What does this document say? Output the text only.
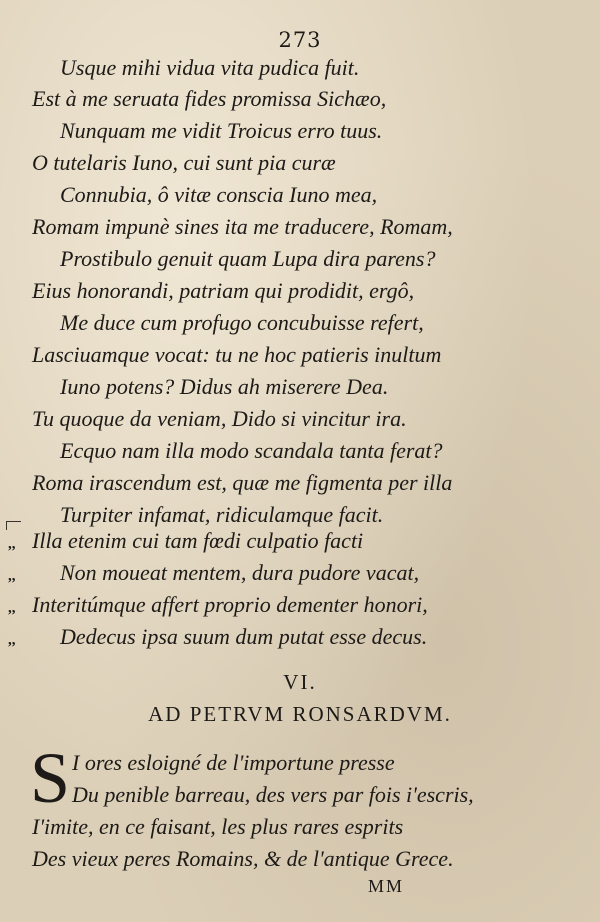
273
Usque mihi vidua vita pudica fuit.
Est à me seruata fides promissa Sichæo,
Nunquam me vidit Troicus erro tuus.
O tutelaris Iuno, cui sunt pia curæ
Connubia, ô vitæ conscia Iuno mea,
Romam impunè sines ita me traducere, Romam,
Prostibulo genuit quam Lupa dira parens?
Eius honorandi, patriam qui prodidit, ergô,
Me duce cum profugo concubuisse refert,
Lasciuamque vocat: tu ne hoc patieris inultum
Iuno potens? Didus ah miserere Dea.
Tu quoque da veniam, Dido si vincitur ira.
Ecquo nam illa modo scandala tanta ferat?
Roma irascendum est, quæ me figmenta per illa
Turpiter infamat, ridiculamque facit.
,, Illa etenim cui tam fœdi culpatio facti
,,	Non moueat mentem, dura pudore vacat,
,, Interitúmque affert proprio dementer honori,
,,	Dedecus ipsa suum dum putat esse decus.
VI.
AD PETRVM RONSARDVM.
S I ores esloigné de l'importune presse
Du penible barreau, des vers par fois i'escris,
I'imite, en ce faisant, les plus rares esprits
Des vieux peres Romains, & de l'antique Grece.
MM
